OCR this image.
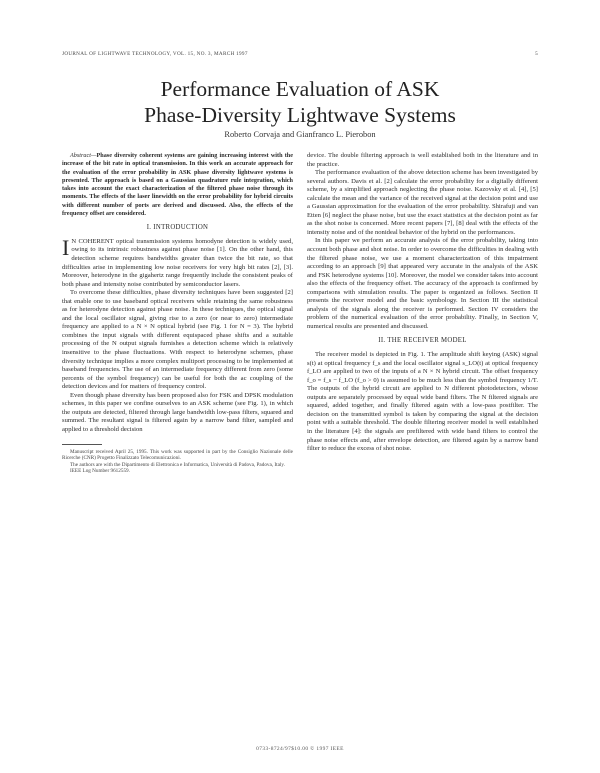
JOURNAL OF LIGHTWAVE TECHNOLOGY, VOL. 15, NO. 3, MARCH 1997	5
Performance Evaluation of ASK
Phase-Diversity Lightwave Systems
Roberto Corvaja and Gianfranco L. Pierobon

Abstract—Phase diversity coherent systems are gaining increasing interest with the increase of the bit rate in optical transmission. In this work an accurate approach for the evaluation of the error probability in ASK phase diversity lightwave systems is presented. The approach is based on a Gaussian quadrature rule integration, which takes into account the exact characterization of the filtered phase noise through its moments. The effects of the laser linewidth on the error probability for hybrid circuits with different number of ports are derived and discussed. Also, the effects of the frequency offset are considered.

I. INTRODUCTION

I N COHERENT optical transmission systems homodyne detection is widely used, owing to its intrinsic robustness against phase noise [1]. On the other hand, this detection scheme requires bandwidths greater than twice the bit rate, so that difficulties arise in implementing low noise receivers for very high bit rates [2], [3]. Moreover, heterodyne in the gigahertz range frequently include the consistent peaks of both phase and intensity noise contributed by semiconductor lasers.

To overcome these difficulties, phase diversity techniques have been suggested [2] that enable one to use baseband optical receivers while retaining the same robustness as for heterodyne detection against phase noise. In these techniques, the optical signal and the local oscillator signal, giving rise to a zero (or near to zero) intermediate frequency are applied to a N × N optical hybrid (see Fig. 1 for N = 3). The hybrid combines the input signals with different equispaced phase shifts and a suitable processing of the N output signals furnishes a detection scheme which is relatively insensitive to the phase fluctuations. With respect to heterodyne schemes, phase diversity technique implies a more complex multiport processing to be implemented at baseband frequencies. The use of an intermediate frequency different from zero (some percents of the symbol frequency) can be useful for both the ac coupling of the detection devices and for matters of frequency control.

Even though phase diversity has been proposed also for FSK and DPSK modulation schemes, in this paper we confine ourselves to an ASK scheme (see Fig. 1), in which the outputs are detected, filtered through large bandwidth low-pass filters, squared and summed. The resultant signal is filtered again by a narrow band filter, sampled and applied to a threshold decision

Manuscript received April 25, 1995. This work was supported in part by the Consiglio Nazionale delle Ricerche (CNR) Progetto Finalizzato Telecomunicazioni.

The authors are with the Dipartimento di Elettronica e Informatica, Università di Padova, Padova, Italy.

IEEE Log Number 9612559.

device. The double filtering approach is well established both in the literature and in the practice.

The performance evaluation of the above detection scheme has been investigated by several authors. Davis et al. [2] calculate the error probability for a digitally different scheme, by a simplified approach neglecting the phase noise. Kazovsky et al. [4], [5] calculate the mean and the variance of the received signal at the decision point and use a Gaussian approximation for the evaluation of the error probability. Shirafuji and van Etten [6] neglect the phase noise, but use the exact statistics at the decision point as far as the shot noise is concerned. More recent papers [7], [8] deal with the effects of the intensity noise and of the nonideal behavior of the hybrid on the performances.

In this paper we perform an accurate analysis of the error probability, taking into account both phase and shot noise. In order to overcome the difficulties in dealing with the filtered phase noise, we use a moment characterization of this impairment according to an approach [9] that appeared very accurate in the analysis of the ASK and FSK heterodyne systems [10]. Moreover, the model we consider takes into account also the effects of the frequency offset. The accuracy of the approach is confirmed by comparisons with simulation results. The paper is organized as follows. Section II presents the receiver model and the basic symbology. In Section III the statistical analysis of the signals along the receiver is performed. Section IV considers the problem of the numerical evaluation of the error probability. Finally, in Section V, numerical results are presented and discussed.

II. THE RECEIVER MODEL

The receiver model is depicted in Fig. 1. The amplitude shift keying (ASK) signal s(t) at optical frequency f_s and the local oscillator signal s_LO(t) at optical frequency f_LO are applied to two of the inputs of a N × N hybrid circuit. The offset frequency f_o = f_s − f_LO (f_o > 0) is assumed to be much less than the symbol frequency 1/T. The outputs of the hybrid circuit are applied to N different photodetectors, whose outputs are separately processed by equal wide band filters. The N filtered signals are squared, added together, and finally filtered again with a low-pass postfilter. The decision on the transmitted symbol is taken by comparing the signal at the decision point with a suitable threshold. The double filtering receiver model is well established in the literature [4]: the signals are prefiltered with wide band filters to control the phase noise effects and, after envelope detection, are filtered again by a narrow band filter to reduce the excess of shot noise.

0733-8724/97$10.00 © 1997 IEEE
